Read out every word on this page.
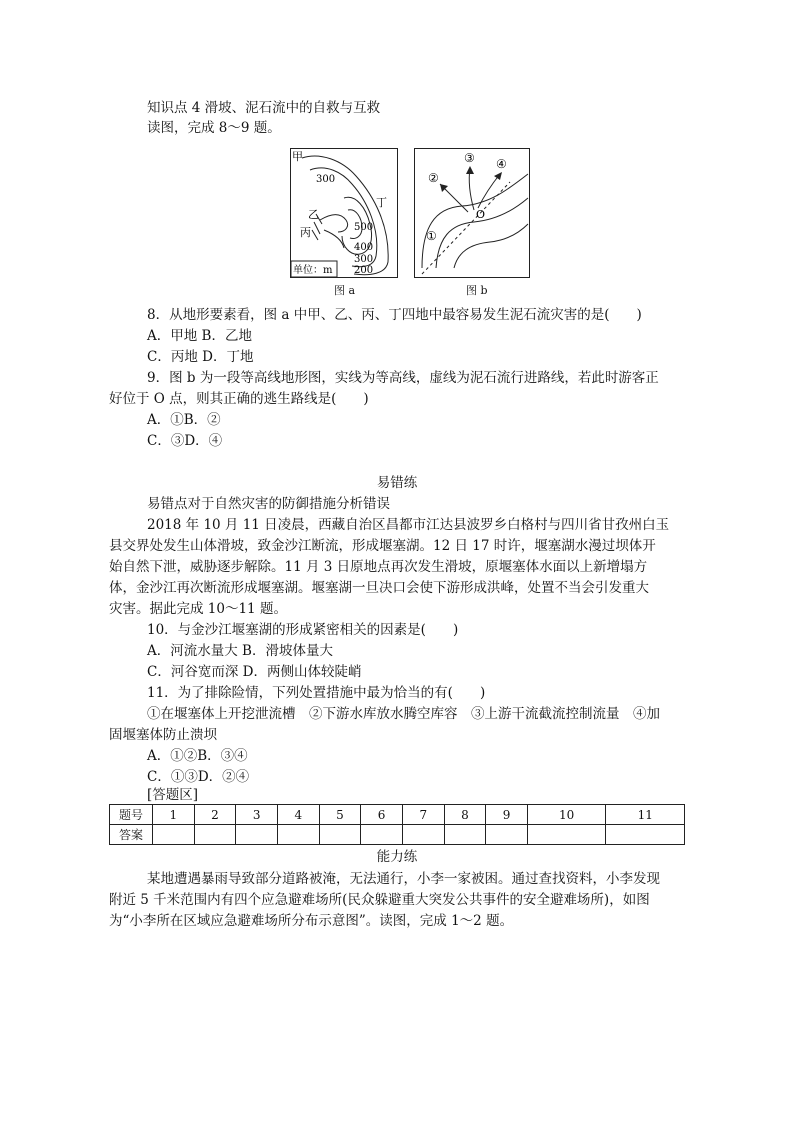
知识点 4 滑坡、泥石流中的自救与互救
读图，完成 8～9 题。
甲
乙
丙
丁
300
500
400
300
200
单位：m
图 a
②
③ ④
①
O
图 b
8．从地形要素看，图 a 中甲、乙、丙、丁四地中最容易发生泥石流灾害的是(　　)
A．甲地 B．乙地
C．丙地 D．丁地
9．图 b 为一段等高线地形图，实线为等高线，虚线为泥石流行进路线，若此时游客正
好位于 O 点，则其正确的逃生路线是(　　)
A．①B．②
C．③D．④
易错练
易错点对于自然灾害的防御措施分析错误
2018 年 10 月 11 日凌晨，西藏自治区昌都市江达县波罗乡白格村与四川省甘孜州白玉
县交界处发生山体滑坡，致金沙江断流，形成堰塞湖。12 日 17 时许，堰塞湖水漫过坝体开
始自然下泄，威胁逐步解除。11 月 3 日原地点再次发生滑坡，原堰塞体水面以上新增塌方
体，金沙江再次断流形成堰塞湖。堰塞湖一旦决口会使下游形成洪峰，处置不当会引发重大
灾害。据此完成 10～11 题。
10．与金沙江堰塞湖的形成紧密相关的因素是(　　)
A．河流水量大 B．滑坡体量大
C．河谷宽而深 D．两侧山体较陡峭
11．为了排除险情，下列处置措施中最为恰当的有(　　)
①在堰塞体上开挖泄流槽　②下游水库放水腾空库容　③上游干流截流控制流量　④加
固堰塞体防止溃坝
A．①②B．③④
C．①③D．②④
[答题区]
题号	1	2	3	4	5	6	7	8	9	10	11
答案											
能力练
某地遭遇暴雨导致部分道路被淹，无法通行，小李一家被困。通过查找资料，小李发现
附近 5 千米范围内有四个应急避难场所(民众躲避重大突发公共事件的安全避难场所)，如图
为“小李所在区域应急避难场所分布示意图”。读图，完成 1～2 题。
